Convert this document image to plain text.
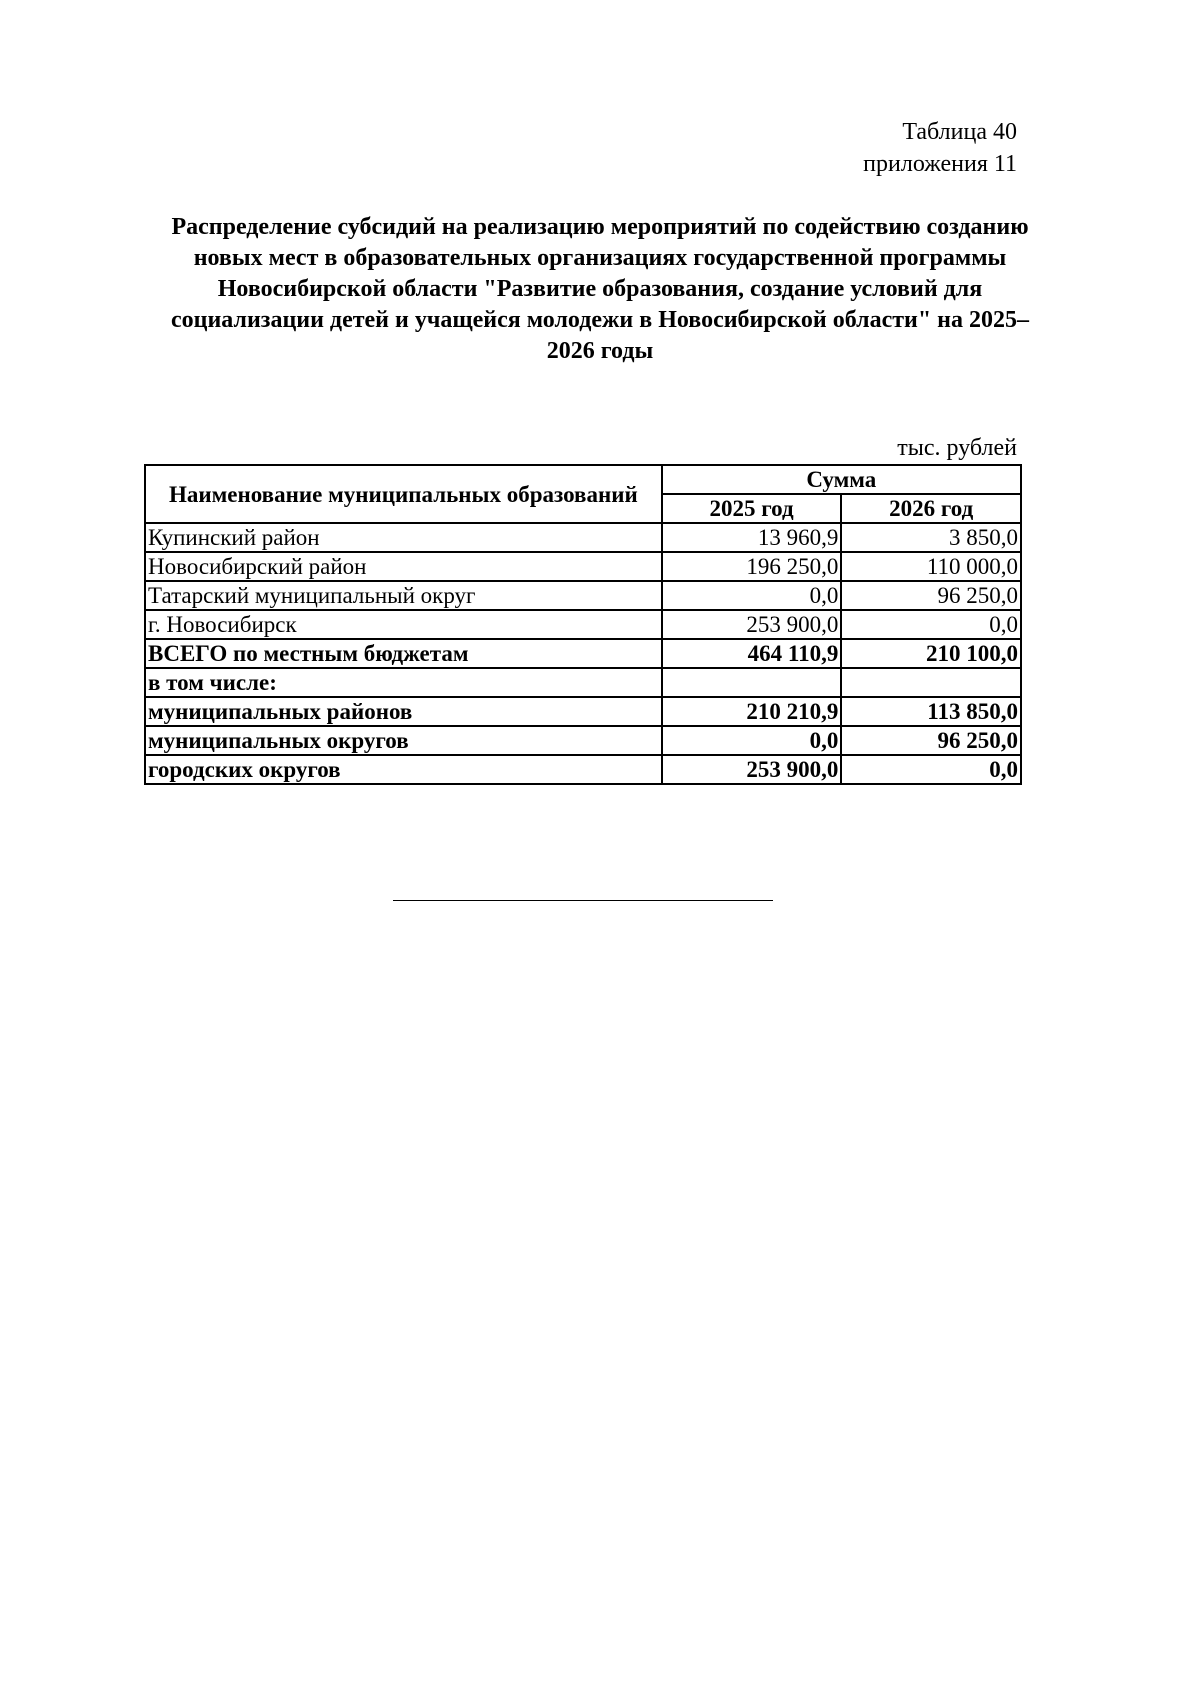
Таблица 40
приложения 11
Распределение субсидий на реализацию мероприятий по содействию созданию новых мест в образовательных организациях государственной программы Новосибирской области "Развитие образования, создание условий для социализации детей и учащейся молодежи в Новосибирской области" на 2025–2026 годы
тыс. рублей
Наименование муниципальных образований	Сумма	
	2025 год	2026 год
Купинский район	13 960,9	3 850,0
Новосибирский район	196 250,0	110 000,0
Татарский муниципальный округ	0,0	96 250,0
г. Новосибирск	253 900,0	0,0
ВСЕГО по местным бюджетам	464 110,9	210 100,0
в том числе:		
муниципальных районов	210 210,9	113 850,0
муниципальных округов	0,0	96 250,0
городских округов	253 900,0	0,0
